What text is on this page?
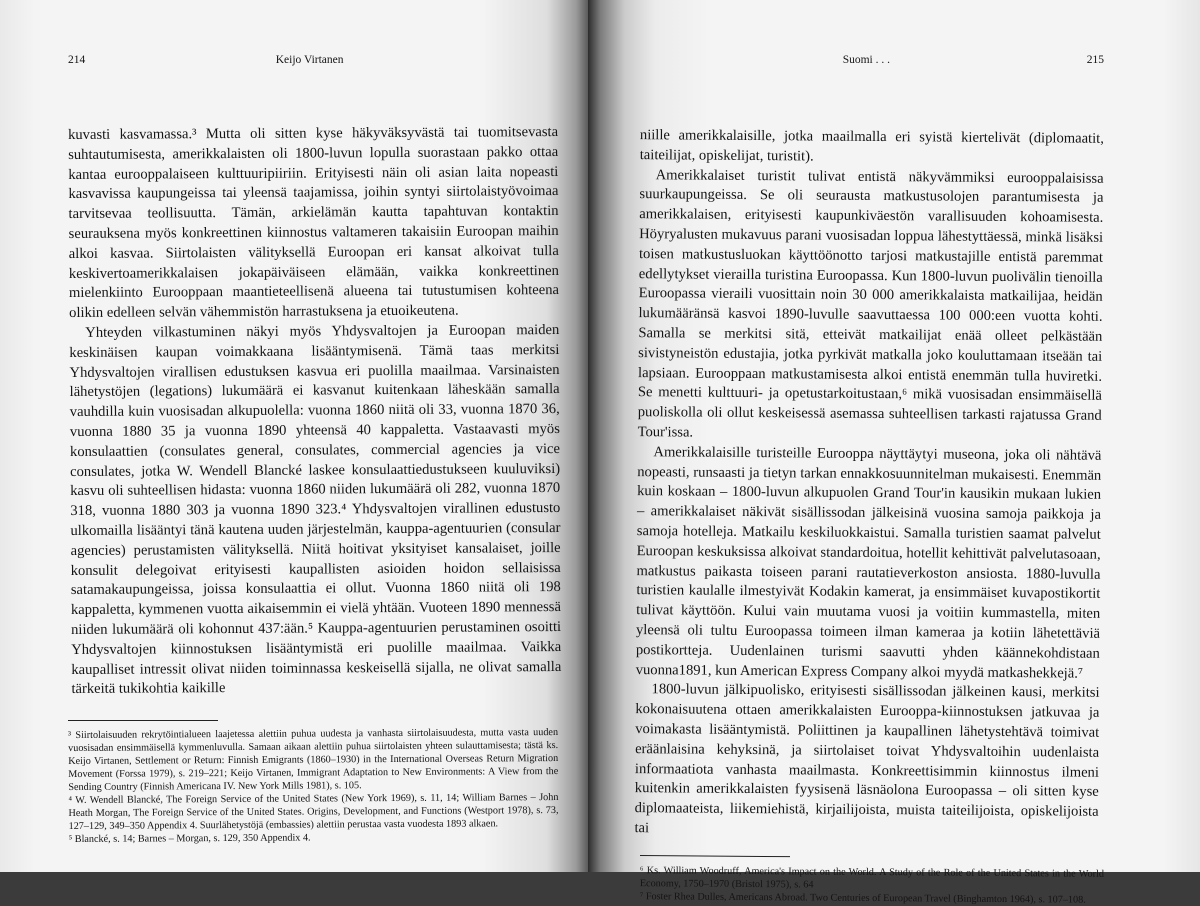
214	Keijo Virtanen

kuvasti kasvamassa.³ Mutta oli sitten kyse häkyväksyvästä tai tuomitsevasta suhtautumisesta, amerikkalaisten oli 1800-luvun lopulla suorastaan pakko ottaa kantaa eurooppalaiseen kulttuuripiiriin. Erityisesti näin oli asian laita nopeasti kasvavissa kaupungeissa tai yleensä taajamissa, joihin syntyi siirtolaistyövoimaa tarvitsevaa teollisuutta. Tämän, arkielämän kautta tapahtuvan kontaktin seurauksena myös konkreettinen kiinnostus valtameren takaisiin Euroopan maihin alkoi kasvaa. Siirtolaisten välityksellä Euroopan eri kansat alkoivat tulla keskivertoamerikkalaisen jokapäiväiseen elämään, vaikka konkreettinen mielenkiinto Eurooppaan maantieteellisenä alueena tai tutustumisen kohteena olikin edelleen selvän vähemmistön harrastuksena ja etuoikeutena.

Yhteyden vilkastuminen näkyi myös Yhdysvaltojen ja Euroopan maiden keskinäisen kaupan voimakkaana lisääntymisenä. Tämä taas merkitsi Yhdysvaltojen virallisen edustuksen kasvua eri puolilla maailmaa. Varsinaisten lähetystöjen (legations) lukumäärä ei kasvanut kuitenkaan läheskään samalla vauhdilla kuin vuosisadan alkupuolella: vuonna 1860 niitä oli 33, vuonna 1870 36, vuonna 1880 35 ja vuonna 1890 yhteensä 40 kappaletta. Vastaavasti myös konsulaattien (consulates general, consulates, commercial agencies ja vice consulates, jotka W. Wendell Blancké laskee konsulaattiedustukseen kuuluviksi) kasvu oli suhteellisen hidasta: vuonna 1860 niiden lukumäärä oli 282, vuonna 1870 318, vuonna 1880 303 ja vuonna 1890 323.⁴ Yhdysvaltojen virallinen edustusto ulkomailla lisääntyi tänä kautena uuden järjestelmän, kauppa-agentuurien (consular agencies) perustamisten välityksellä. Niitä hoitivat yksityiset kansalaiset, joille konsulit delegoivat erityisesti kaupallisten asioiden hoidon sellaisissa satamakaupungeissa, joissa konsulaattia ei ollut. Vuonna 1860 niitä oli 198 kappaletta, kymmenen vuotta aikaisemmin ei vielä yhtään. Vuoteen 1890 mennessä niiden lukumäärä oli kohonnut 437:ään.⁵ Kauppa-agentuurien perustaminen osoitti Yhdysvaltojen kiinnostuksen lisääntymistä eri puolille maailmaa. Vaikka kaupalliset intressit olivat niiden toiminnassa keskeisellä sijalla, ne olivat samalla tärkeitä tukikohtia kaikille

³ Siirtolaisuuden rekrytöintialueen laajetessa alettiin puhua uudesta ja vanhasta siirtolaisuudesta, mutta vasta uuden vuosisadan ensimmäisellä kymmenluvulla. Samaan aikaan alettiin puhua siirtolaisten yhteen sulauttamisesta; tästä ks. Keijo Virtanen, Settlement or Return: Finnish Emigrants (1860–1930) in the International Overseas Return Migration Movement (Forssa 1979), s. 219–221; Keijo Virtanen, Immigrant Adaptation to New Environments: A View from the Sending Country (Finnish Americana IV. New York Mills 1981), s. 105.

⁴ W. Wendell Blancké, The Foreign Service of the United States (New York 1969), s. 11, 14; William Barnes – John Heath Morgan, The Foreign Service of the United States. Origins, Development, and Functions (Westport 1978), s. 73, 127–129, 349–350 Appendix 4. Suurlähetystöjä (embassies) alettiin perustaa vasta vuodesta 1893 alkaen.

⁵ Blancké, s. 14; Barnes – Morgan, s. 129, 350 Appendix 4.

Suomi . . .	215

niille amerikkalaisille, jotka maailmalla eri syistä kiertelivät (diplomaatit, taiteilijat, opiskelijat, turistit).

Amerikkalaiset turistit tulivat entistä näkyvämmiksi eurooppalaisissa suurkaupungeissa. Se oli seurausta matkustusolojen parantumisesta ja amerikkalaisen, erityisesti kaupunkiväestön varallisuuden kohoamisesta. Höyryalusten mukavuus parani vuosisadan loppua lähestyttäessä, minkä lisäksi toisen matkustusluokan käyttöönotto tarjosi matkustajille entistä paremmat edellytykset vierailla turistina Euroopassa. Kun 1800-luvun puolivälin tienoilla Euroopassa vieraili vuosittain noin 30 000 amerikkalaista matkailijaa, heidän lukumääränsä kasvoi 1890-luvulle saavuttaessa 100 000:een vuotta kohti. Samalla se merkitsi sitä, etteivät matkailijat enää olleet pelkästään sivistyneistön edustajia, jotka pyrkivät matkalla joko kouluttamaan itseään tai lapsiaan. Eurooppaan matkustamisesta alkoi entistä enemmän tulla huviretki. Se menetti kulttuuri- ja opetustarkoitustaan,⁶ mikä vuosisadan ensimmäisellä puoliskolla oli ollut keskeisessä asemassa suhteellisen tarkasti rajatussa Grand Tour'issa.

Amerikkalaisille turisteille Eurooppa näyttäytyi museona, joka oli nähtävä nopeasti, runsaasti ja tietyn tarkan ennakkosuunnitelman mukaisesti. Enemmän kuin koskaan – 1800-luvun alkupuolen Grand Tour'in kausikin mukaan lukien – amerikkalaiset näkivät sisällissodan jälkeisinä vuosina samoja paikkoja ja samoja hotelleja. Matkailu keskiluokkaistui. Samalla turistien saamat palvelut Euroopan keskuksissa alkoivat standardoitua, hotellit kehittivät palvelutasoaan, matkustus paikasta toiseen parani rautatieverkoston ansiosta. 1880-luvulla turistien kaulalle ilmestyivät Kodakin kamerat, ja ensimmäiset kuvapostikortit tulivat käyttöön. Kului vain muutama vuosi ja voitiin kummastella, miten yleensä oli tultu Euroopassa toimeen ilman kameraa ja kotiin lähetettäviä postikortteja. Uudenlainen turismi saavutti yhden käännekohdistaan vuonna1891, kun American Express Company alkoi myydä matkashekkejä.⁷

1800-luvun jälkipuolisko, erityisesti sisällissodan jälkeinen kausi, merkitsi kokonaisuutena ottaen amerikkalaisten Eurooppa-kiinnostuksen jatkuvaa ja voimakasta lisääntymistä. Poliittinen ja kaupallinen lähetystehtävä toimivat eräänlaisina kehyksinä, ja siirtolaiset toivat Yhdysvaltoihin uudenlaista informaatiota vanhasta maailmasta. Konkreettisimmin kiinnostus ilmeni kuitenkin amerikkalaisten fyysisenä läsnäolona Euroopassa – oli sitten kyse diplomaateista, liikemiehistä, kirjailijoista, muista taiteilijoista, opiskelijoista tai

⁶ Ks. William Woodruff, America's Impact on the World. A Study of the Role of the United States in the World Economy, 1750–1970 (Bristol 1975), s. 64

⁷ Foster Rhea Dulles, Americans Abroad. Two Centuries of European Travel (Binghamton 1964), s. 107–108.
